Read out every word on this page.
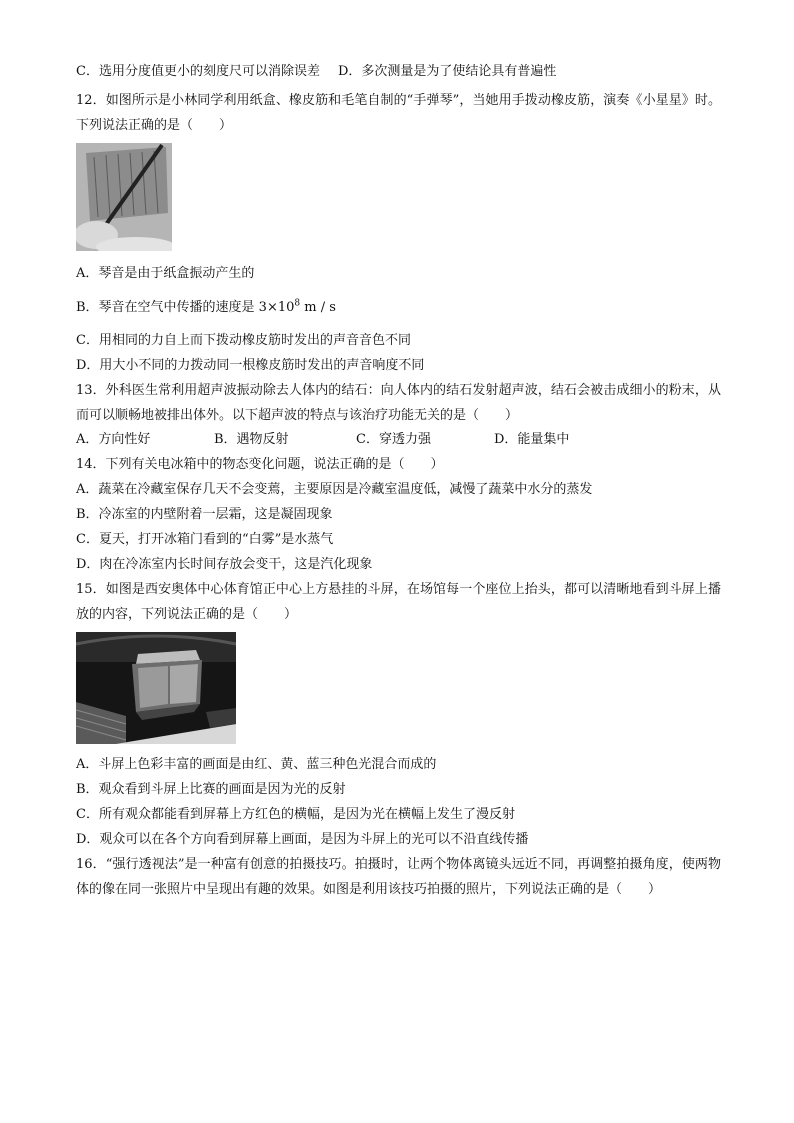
C．选用分度值更小的刻度尺可以消除误差 D．多次测量是为了使结论具有普遍性
12．如图所示是小林同学利用纸盒、橡皮筋和毛笔自制的“手弹琴”，当她用手拨动橡皮筋，演奏《小星星》时。下列说法正确的是（　　）
A．琴音是由于纸盒振动产生的
B．琴音在空气中传播的速度是 $3\times 10^8$ m / s
C．用相同的力自上而下拨动橡皮筋时发出的声音音色不同
D．用大小不同的力拨动同一根橡皮筋时发出的声音响度不同
13．外科医生常利用超声波振动除去人体内的结石：向人体内的结石发射超声波，结石会被击成细小的粉末，从而可以顺畅地被排出体外。以下超声波的特点与该治疗功能无关的是（　　）
A．方向性好	B．遇物反射	C．穿透力强	D．能量集中
14．下列有关电冰箱中的物态变化问题，说法正确的是（　　）
A．蔬菜在冷藏室保存几天不会变蔫，主要原因是冷藏室温度低，减慢了蔬菜中水分的蒸发
B．冷冻室的内壁附着一层霜，这是凝固现象
C．夏天，打开冰箱门看到的“白雾”是水蒸气
D．肉在冷冻室内长时间存放会变干，这是汽化现象
15．如图是西安奥体中心体育馆正中心上方悬挂的斗屏，在场馆每一个座位上抬头，都可以清晰地看到斗屏上播放的内容，下列说法正确的是（　　）
A．斗屏上色彩丰富的画面是由红、黄、蓝三种色光混合而成的
B．观众看到斗屏上比赛的画面是因为光的反射
C．所有观众都能看到屏幕上方红色的横幅，是因为光在横幅上发生了漫反射
D．观众可以在各个方向看到屏幕上画面，是因为斗屏上的光可以不沿直线传播
16．“强行透视法”是一种富有创意的拍摄技巧。拍摄时，让两个物体离镜头远近不同，再调整拍摄角度，使两物体的像在同一张照片中呈现出有趣的效果。如图是利用该技巧拍摄的照片，下列说法正确的是（　　）
